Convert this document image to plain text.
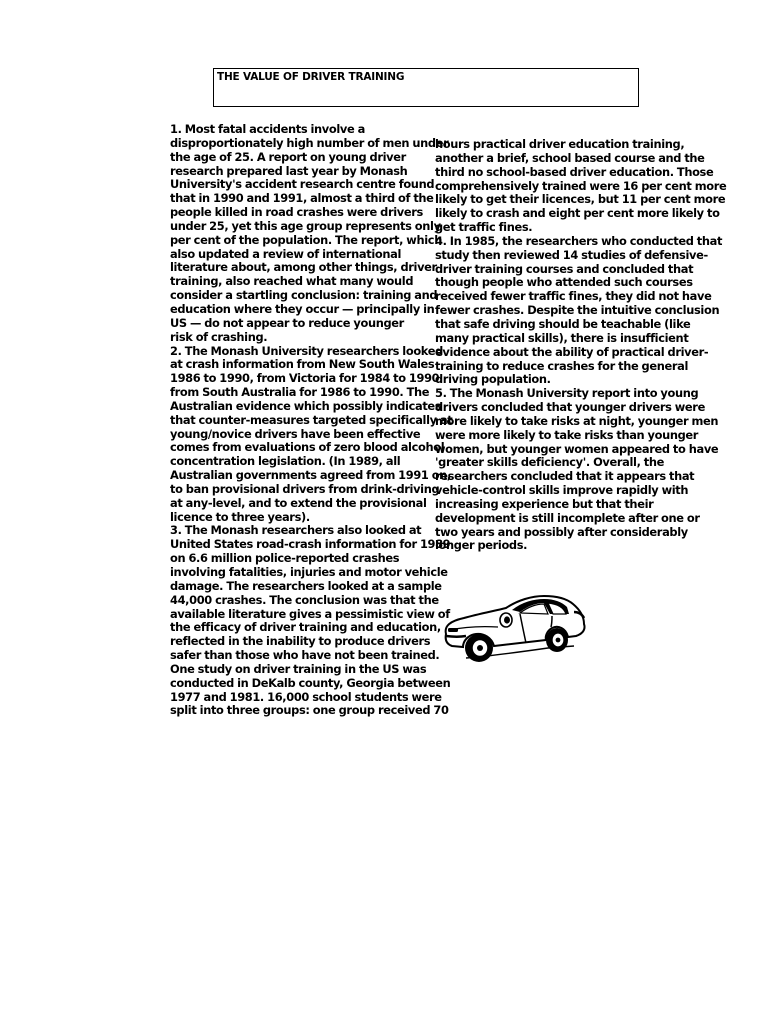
THE VALUE OF DRIVER TRAINING
1. Most fatal accidents involve a
disproportionately high number of men under
the age of 25. A report on young driver
research prepared last year by Monash
University's accident research centre found
that in 1990 and 1991, almost a third of the
people killed in road crashes were drivers
under 25, yet this age group represents only
per cent of the population. The report, which
also updated a review of international
literature about, among other things, driver
training, also reached what many would
consider a startling conclusion: training and
education where they occur — principally in
US — do not appear to reduce younger
risk of crashing.
2. The Monash University researchers looked
at crash information from New South Wales
1986 to 1990, from Victoria for 1984 to 1990
from South Australia for 1986 to 1990. The
Australian evidence which possibly indicates
that counter-measures targeted specifically at
young/novice drivers have been effective
comes from evaluations of zero blood alcohol
concentration legislation. (In 1989, all
Australian governments agreed from 1991 on,
to ban provisional drivers from drink-driving
at any-level, and to extend the provisional
licence to three years).
3. The Monash researchers also looked at
United States road-crash information for 1989
on 6.6 million police-reported crashes
involving fatalities, injuries and motor vehicle
damage. The researchers looked at a sample
44,000 crashes. The conclusion was that the
available literature gives a pessimistic view of
the efficacy of driver training and education,
reflected in the inability to produce drivers
safer than those who have not been trained.
One study on driver training in the US was
conducted in DeKalb county, Georgia between
1977 and 1981. 16,000 school students were
split into three groups: one group received 70
hours practical driver education training,
another a brief, school based course and the
third no school-based driver education. Those
comprehensively trained were 16 per cent more
likely to get their licences, but 11 per cent more
likely to crash and eight per cent more likely to
get traffic fines.
4. In 1985, the researchers who conducted that
study then reviewed 14 studies of defensive-
driver training courses and concluded that
though people who attended such courses
received fewer traffic fines, they did not have
fewer crashes. Despite the intuitive conclusion
that safe driving should be teachable (like
many practical skills), there is insufficient
evidence about the ability of practical driver-
training to reduce crashes for the general
driving population.
5. The Monash University report into young
drivers concluded that younger drivers were
more likely to take risks at night, younger men
were more likely to take risks than younger
women, but younger women appeared to have
'greater skills deficiency'. Overall, the
researchers concluded that it appears that
vehicle-control skills improve rapidly with
increasing experience but that their
development is still incomplete after one or
two years and possibly after considerably
longer periods.
